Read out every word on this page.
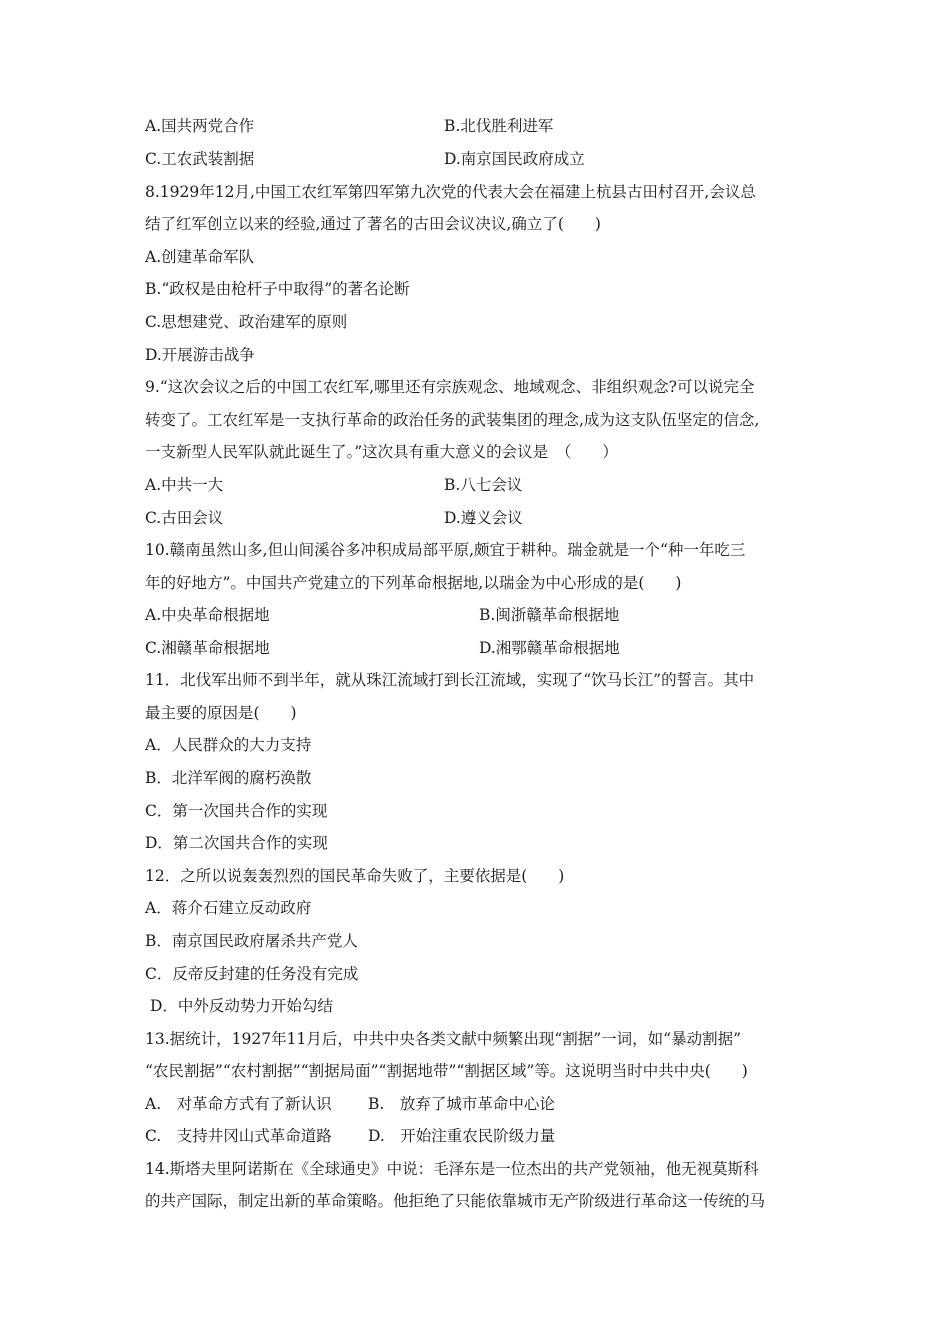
A.国共两党合作	B.北伐胜利进军
C.工农武装割据	D.南京国民政府成立
8.1929年12月,中国工农红军第四军第九次党的代表大会在福建上杭县古田村召开,会议总
结了红军创立以来的经验,通过了著名的古田会议决议,确立了(　　)
A.创建革命军队
B.“政权是由枪杆子中取得”的著名论断
C.思想建党、政治建军的原则
D.开展游击战争
9.“这次会议之后的中国工农红军,哪里还有宗族观念、地域观念、非组织观念?可以说完全
转变了。工农红军是一支执行革命的政治任务的武装集团的理念,成为这支队伍坚定的信念,
一支新型人民军队就此诞生了。”这次具有重大意义的会议是　（　　）
A.中共一大	B.八七会议
C.古田会议	D.遵义会议
10.赣南虽然山多,但山间溪谷多冲积成局部平原,颇宜于耕种。瑞金就是一个“种一年吃三
年的好地方”。中国共产党建立的下列革命根据地,以瑞金为中心形成的是(　　)
A.中央革命根据地	B.闽浙赣革命根据地
C.湘赣革命根据地	D.湘鄂赣革命根据地
11．北伐军出师不到半年，就从珠江流域打到长江流域，实现了“饮马长江”的誓言。其中
最主要的原因是(　　)
A．人民群众的大力支持
B．北洋军阀的腐朽涣散
C．第一次国共合作的实现
D．第二次国共合作的实现
12．之所以说轰轰烈烈的国民革命失败了，主要依据是(　　)
A．蒋介石建立反动政府
B．南京国民政府屠杀共产党人
C．反帝反封建的任务没有完成
D．中外反动势力开始勾结
13.据统计，1927年11月后，中共中央各类文献中频繁出现“割据”一词，如“暴动割据”
“农民割据”“农村割据”“割据局面”“割据地带”“割据区域”等。这说明当时中共中央(　　)
A.　对革命方式有了新认识 B.　放弃了城市革命中心论
C.　支持井冈山式革命道路 D.　开始注重农民阶级力量
14.斯塔夫里阿诺斯在《全球通史》中说：毛泽东是一位杰出的共产党领袖，他无视莫斯科
的共产国际，制定出新的革命策略。他拒绝了只能依靠城市无产阶级进行革命这一传统的马
